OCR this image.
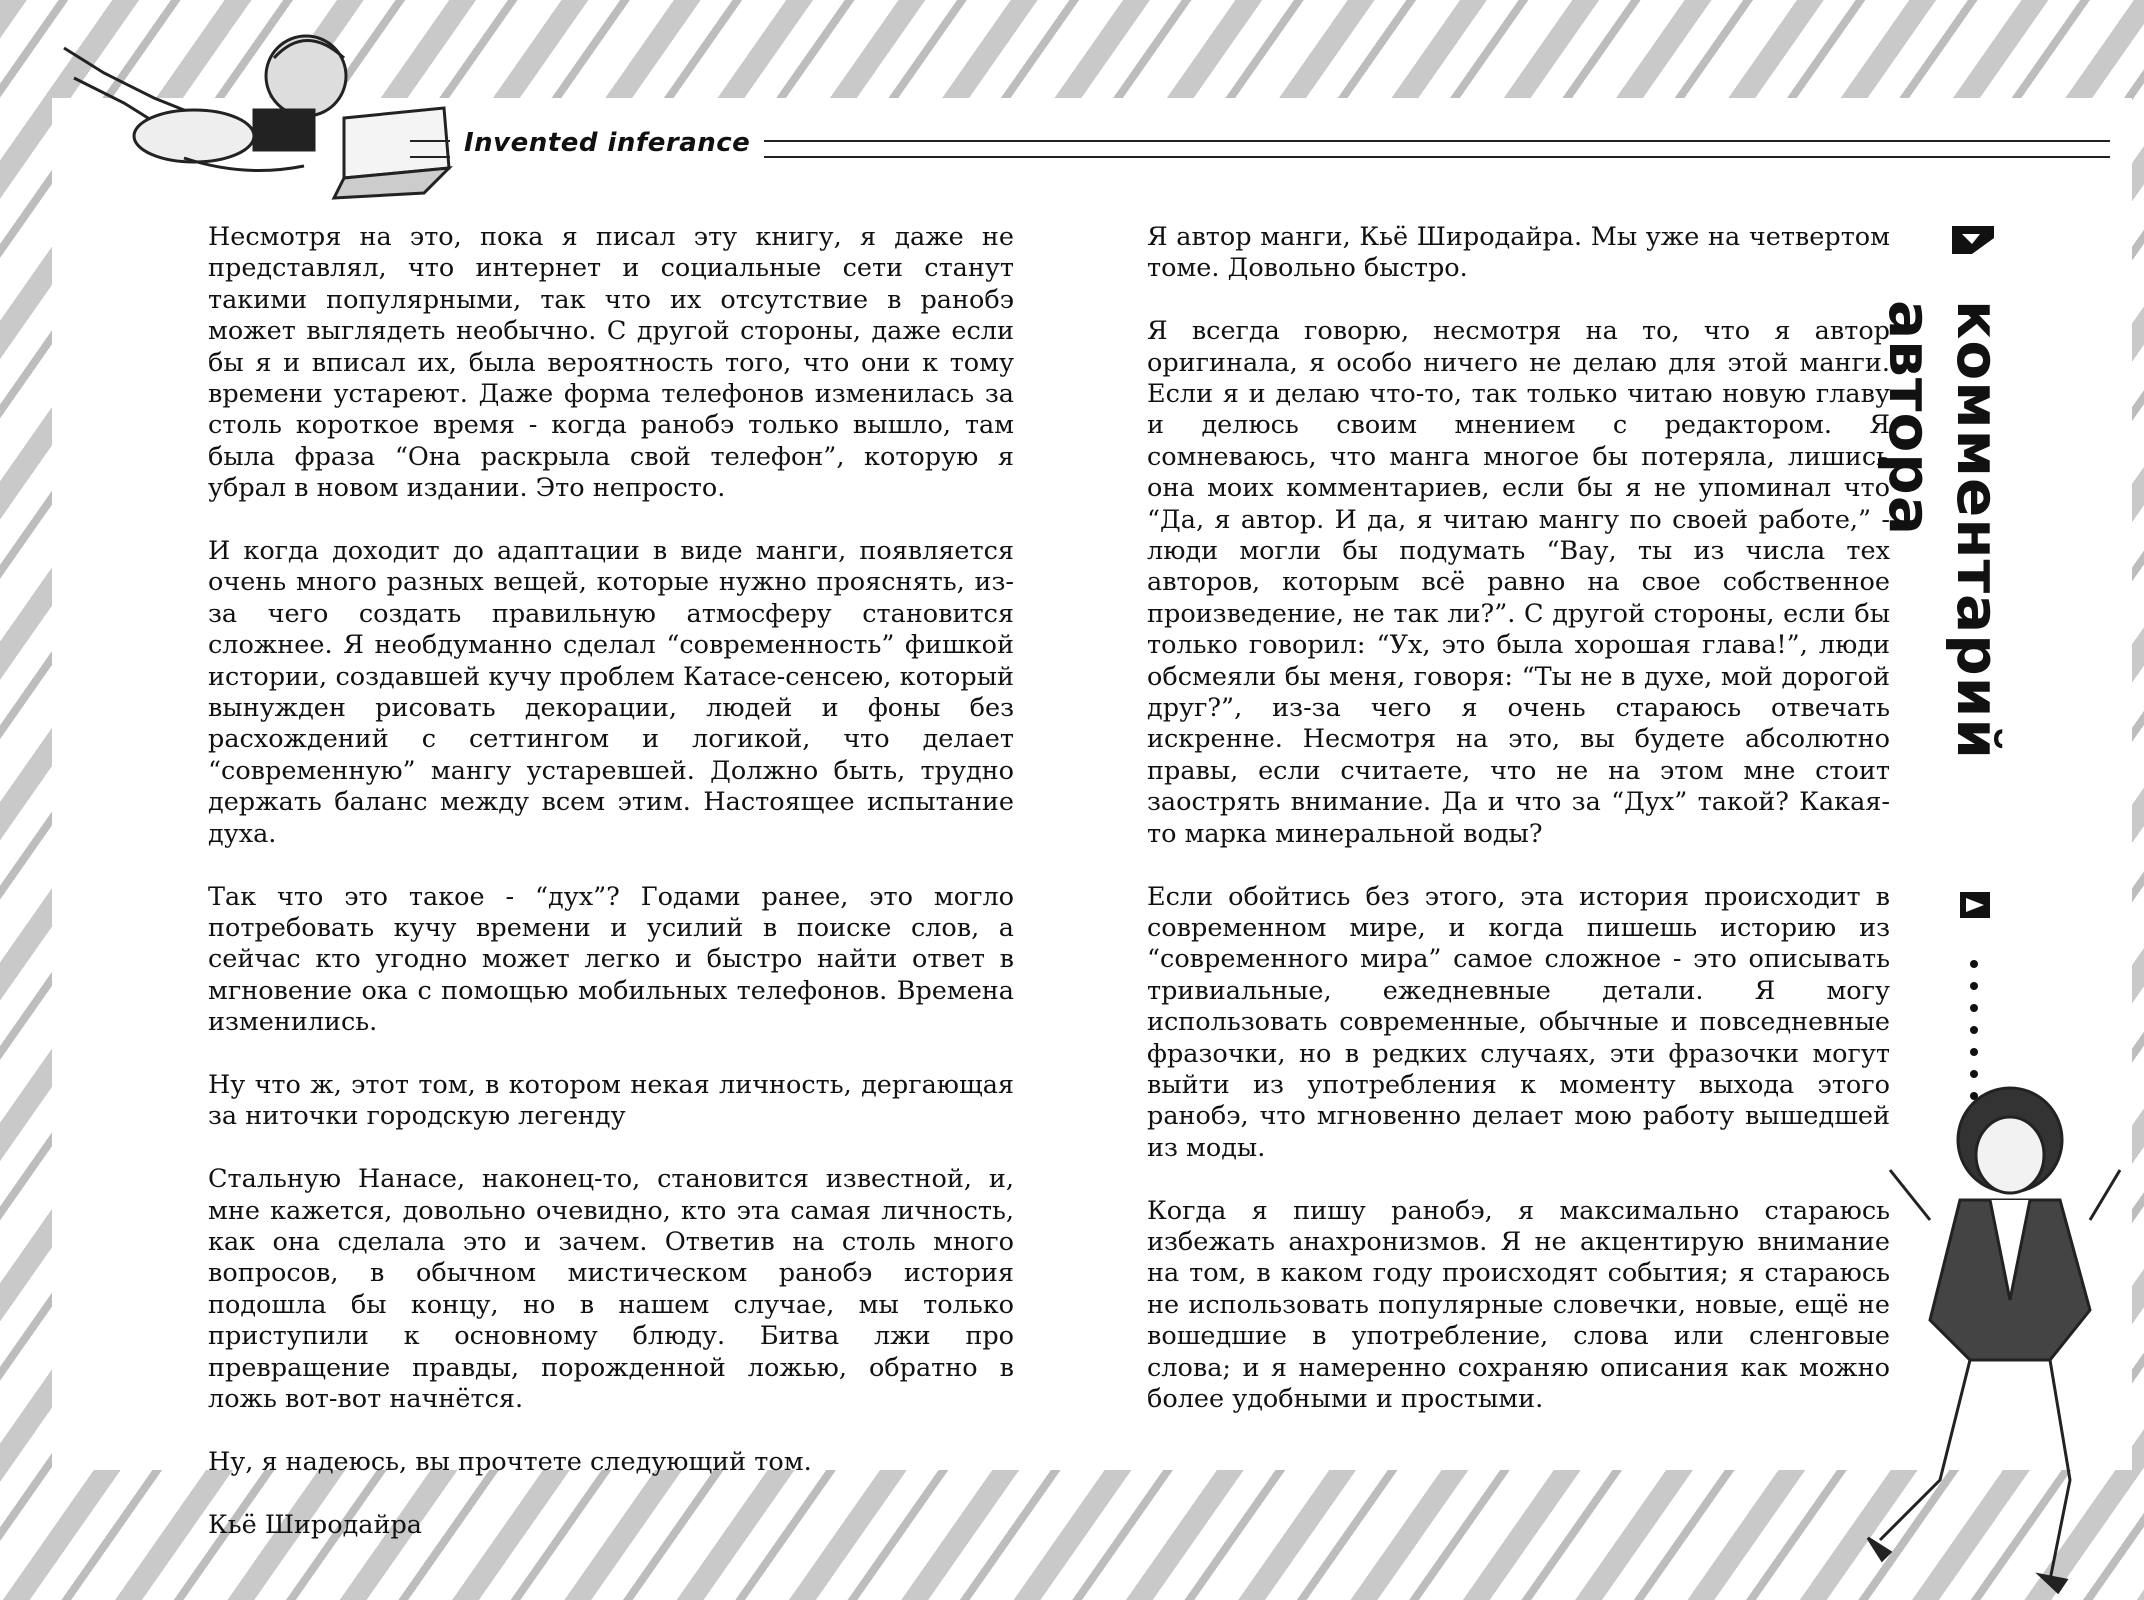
Invented inferance

Несмотря на это, пока я писал эту книгу, я даже не представлял, что интернет и социальные сети станут такими популярными, так что их отсутствие в ранобэ может выглядеть необычно. С другой стороны, даже если бы я и вписал их, была вероятность того, что они к тому времени устареют. Даже форма телефонов изменилась за столь короткое время - когда ранобэ только вышло, там была фраза “Она раскрыла свой телефон”, которую я убрал в новом издании. Это непросто.

И когда доходит до адаптации в виде манги, появляется очень много разных вещей, которые нужно прояснять, из-за чего создать правильную атмосферу становится сложнее. Я необдуманно сделал “современность” фишкой истории, создавшей кучу проблем Катасе-сенсею, который вынужден рисовать декорации, людей и фоны без расхождений с сеттингом и логикой, что делает “современную” мангу устаревшей. Должно быть, трудно держать баланс между всем этим. Настоящее испытание духа.

Так что это такое - “дух”? Годами ранее, это могло потребовать кучу времени и усилий в поиске слов, а сейчас кто угодно может легко и быстро найти ответ в мгновение ока с помощью мобильных телефонов. Времена изменились.

Ну что ж, этот том, в котором некая личность, дергающая за ниточки городскую легенду

Стальную Нанасе, наконец-то, становится известной, и, мне кажется, довольно очевидно, кто эта самая личность, как она сделала это и зачем. Ответив на столь много вопросов, в обычном мистическом ранобэ история подошла бы концу, но в нашем случае, мы только приступили к основному блюду. Битва лжи про превращение правды, порожденной ложью, обратно в ложь вот-вот начнётся.

Ну, я надеюсь, вы прочтете следующий том.

Кьё Широдайра

Я автор манги, Кьё Широдайра. Мы уже на четвертом томе. Довольно быстро.

Я всегда говорю, несмотря на то, что я автор оригинала, я особо ничего не делаю для этой манги. Если я и делаю что-то, так только читаю новую главу и делюсь своим мнением с редактором. Я сомневаюсь, что манга многое бы потеряла, лишись она моих комментариев, если бы я не упоминал что “Да, я автор. И да, я читаю мангу по своей работе,” - люди могли бы подумать “Вау, ты из числа тех авторов, которым всё равно на свое собственное произведение, не так ли?”. С другой стороны, если бы только говорил: “Ух, это была хорошая глава!”, люди обсмеяли бы меня, говоря: “Ты не в духе, мой дорогой друг?”, из-за чего я очень стараюсь отвечать искренне. Несмотря на это, вы будете абсолютно правы, если считаете, что не на этом мне стоит заострять внимание. Да и что за “Дух” такой? Какая-то марка минеральной воды?

Если обойтись без этого, эта история происходит в современном мире, и когда пишешь историю из “современного мира” самое сложное - это описывать тривиальные, ежедневные детали. Я могу использовать современные, обычные и повседневные фразочки, но в редких случаях, эти фразочки могут выйти из употребления к моменту выхода этого ранобэ, что мгновенно делает мою работу вышедшей из моды.

Когда я пишу ранобэ, я максимально стараюсь избежать анахронизмов. Я не акцентирую внимание на том, в каком году происходят события; я стараюсь не использовать популярные словечки, новые, ещё не вошедшие в употребление, слова или сленговые слова; и я намеренно сохраняю описания как можно более удобными и простыми.

комментарий автора
